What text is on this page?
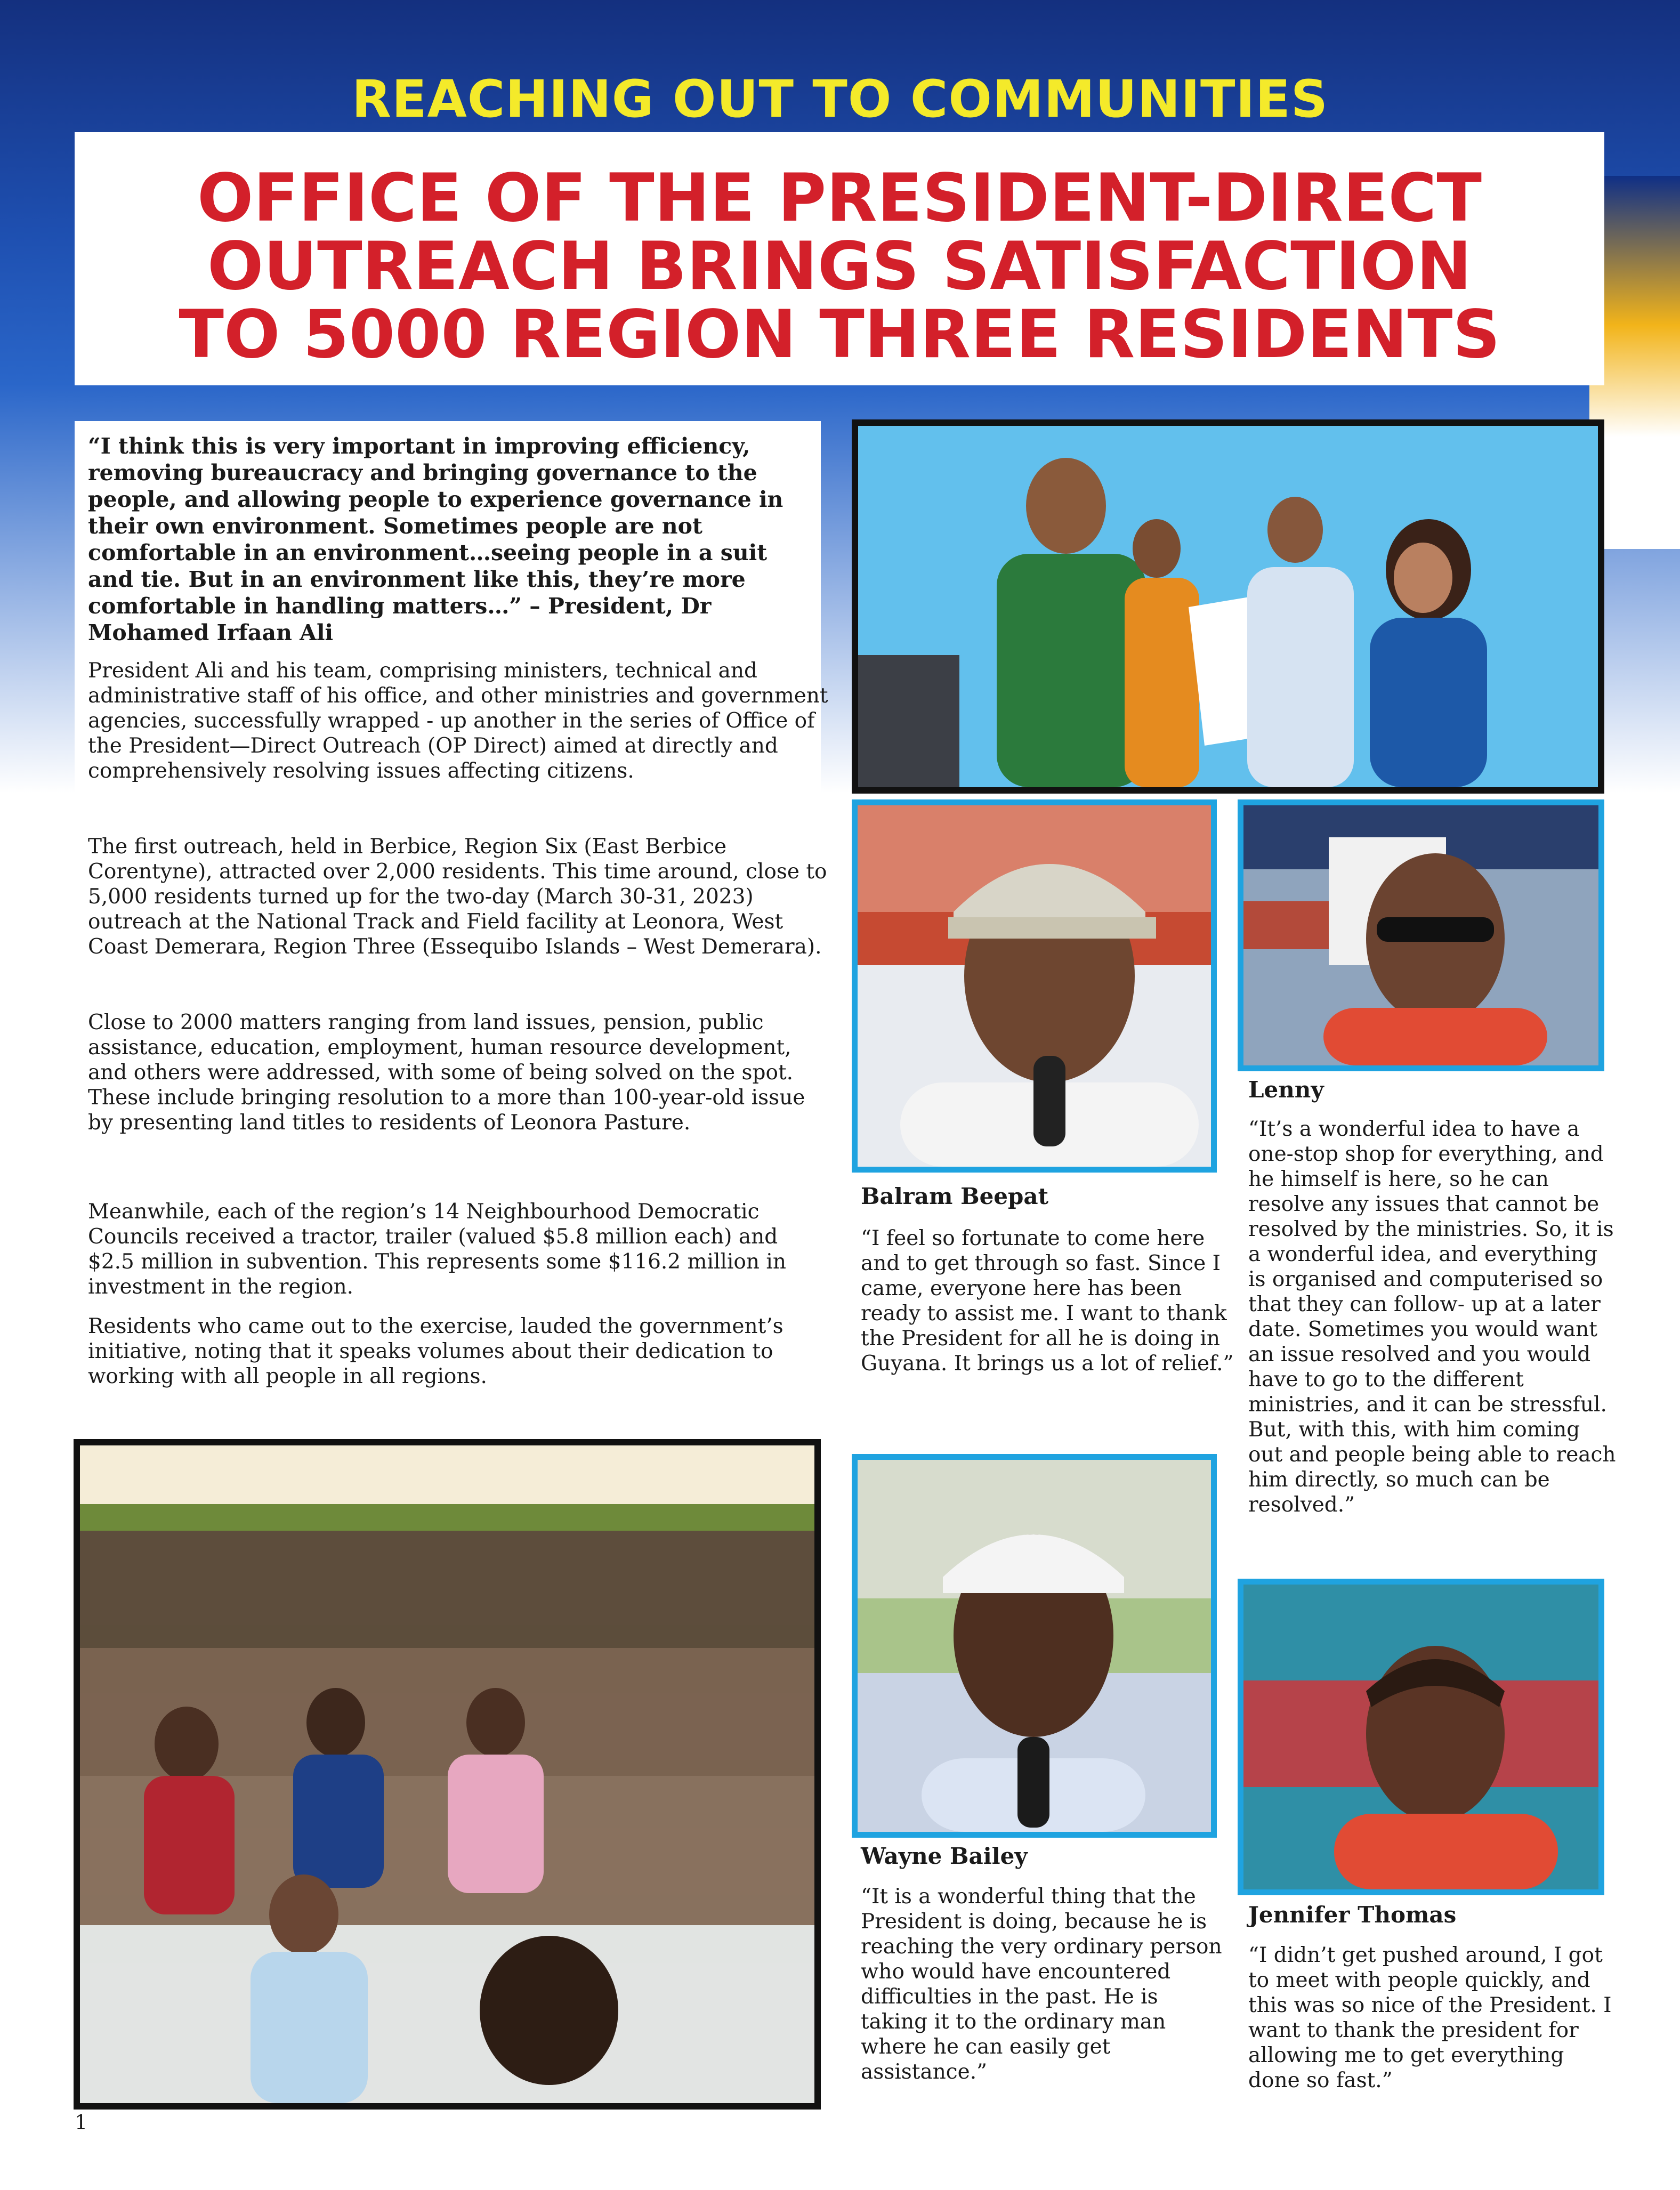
REACHING OUT TO COMMUNITIES
OFFICE OF THE PRESIDENT-DIRECT
OUTREACH BRINGS SATISFACTION
TO 5000 REGION THREE RESIDENTS
“I think this is very important in improving efficiency, removing bureaucracy and bringing governance to the people, and allowing people to experience governance in their own environment. Sometimes people are not comfortable in an environment…seeing people in a suit and tie. But in an environment like this, they’re more comfortable in handling matters…” – President, Dr Mohamed Irfaan Ali
President Ali and his team, comprising ministers, technical and administrative staff of his office, and other ministries and government agencies, successfully wrapped - up another in the series of Office of the President—Direct Outreach (OP Direct) aimed at directly and comprehensively resolving issues affecting citizens.
The first outreach, held in Berbice, Region Six (East Berbice Corentyne), attracted over 2,000 residents. This time around, close to 5,000 residents turned up for the two-day (March 30-31, 2023) outreach at the National Track and Field facility at Leonora, West Coast Demerara, Region Three (Essequibo Islands – West Demerara).
Close to 2000 matters ranging from land issues, pension, public assistance, education, employment, human resource development, and others were addressed, with some of being solved on the spot. These include bringing resolution to a more than 100-year-old issue by presenting land titles to residents of Leonora Pasture.
Meanwhile, each of the region’s 14 Neighbourhood Democratic Councils received a tractor, trailer (valued $5.8 million each) and $2.5 million in subvention. This represents some $116.2 million in investment in the region.
Residents who came out to the exercise, lauded the government’s initiative, noting that it speaks volumes about their dedication to working with all people in all regions.
Balram Beepat
“I feel so fortunate to come here and to get through so fast. Since I came, everyone here has been ready to assist me. I want to thank the President for all he is doing in Guyana. It brings us a lot of relief.”
Lenny
“It’s a wonderful idea to have a one-stop shop for everything, and he himself is here, so he can resolve any issues that cannot be resolved by the ministries. So, it is a wonderful idea, and everything is organised and computerised so that they can follow- up at a later date. Sometimes you would want an issue resolved and you would have to go to the different ministries, and it can be stressful. But, with this, with him coming out and people being able to reach him directly, so much can be resolved.”
Wayne Bailey
“It is a wonderful thing that the President is doing, because he is reaching the very ordinary person who would have encountered difficulties in the past. He is taking it to the ordinary man where he can easily get assistance.”
Jennifer Thomas
“I didn’t get pushed around, I got to meet with people quickly, and this was so nice of the President. I want to thank the president for allowing me to get everything done so fast.”
1
